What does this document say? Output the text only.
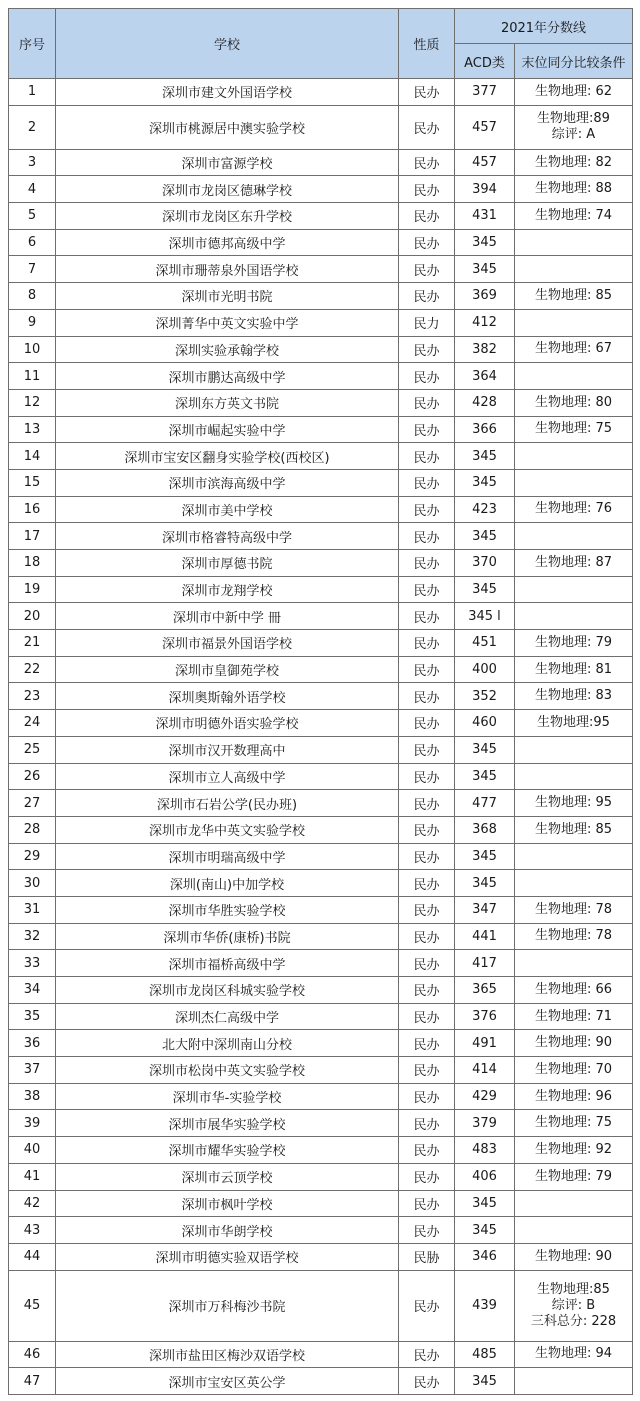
序号	学校	性质	2021年分数线	
			ACD类	末位同分比较条件
1	深圳市建文外国语学校	民办	377	生物地理: 62

2	深圳市桃源居中澳实验学校	民办	457	生物地理:89
综评: A

3	深圳市富源学校	民办	457	生物地理: 82

4	深圳市龙岗区德琳学校	民办	394	生物地理: 88

5	深圳市龙岗区东升学校	民办	431	生物地理: 74

6	深圳市德邦高级中学	民办	345	
7	深圳市珊蒂泉外国语学校	民办	345	
8	深圳市光明书院	民办	369	生物地理: 85

9	深圳菁华中英文实验中学	民力	412	
10	深圳实验承翰学校	民办	382	生物地理: 67

11	深圳市鹏达高级中学	民办	364	
12	深圳东方英文书院	民办	428	生物地理: 80

13	深圳市崛起实验中学	民办	366	生物地理: 75

14	深圳市宝安区翻身实验学校(西校区)	民办	345	
15	深圳市滨海高级中学	民办	345	
16	深圳市美中学校	民办	423	生物地理: 76

17	深圳市格睿特高级中学	民办	345	
18	深圳市厚德书院	民办	370	生物地理: 87

19	深圳市龙翔学校	民办	345	
20	深圳市中新中学 冊	民办	345 l	
21	深圳市福景外国语学校	民办	451	生物地理: 79

22	深圳市皇御苑学校	民办	400	生物地理: 81

23	深圳奥斯翰外语学校	民办	352	生物地理: 83

24	深圳市明德外语实验学校	民办	460	生物地理:95

25	深圳市汉开数理高中	民办	345	
26	深圳市立人高级中学	民办	345	
27	深圳市石岩公学(民办班)	民办	477	生物地理: 95

28	深圳市龙华中英文实验学校	民办	368	生物地理: 85

29	深圳市明瑞高级中学	民办	345	
30	深圳(南山)中加学校	民办	345	
31	深圳市华胜实验学校	民办	347	生物地理: 78

32	深圳市华侨(康桥)书院	民办	441	生物地理: 78

33	深圳市福桥高级中学	民办	417	
34	深圳市龙岗区科城实验学校	民办	365	生物地理: 66

35	深圳杰仁高级中学	民办	376	生物地理: 71

36	北大附中深圳南山分校	民办	491	生物地理: 90

37	深圳市松岗中英文实验学校	民办	414	生物地理: 70

38	深圳市华-实验学校	民办	429	生物地理: 96

39	深圳市展华实验学校	民办	379	生物地理: 75

40	深圳市耀华实验学校	民办	483	生物地理: 92

41	深圳市云顶学校	民办	406	生物地理: 79

42	深圳市枫叶学校	民办	345	
43	深圳市华朗学校	民办	345	
44	深圳市明德实验双语学校	民胁	346	生物地理: 90

45	深圳市万科梅沙书院	民办	439	生物地理:85
综评: B
三科总分: 228

46	深圳市盐田区梅沙双语学校	民办	485	生物地理: 94

47	深圳市宝安区英公学	民办	345	
